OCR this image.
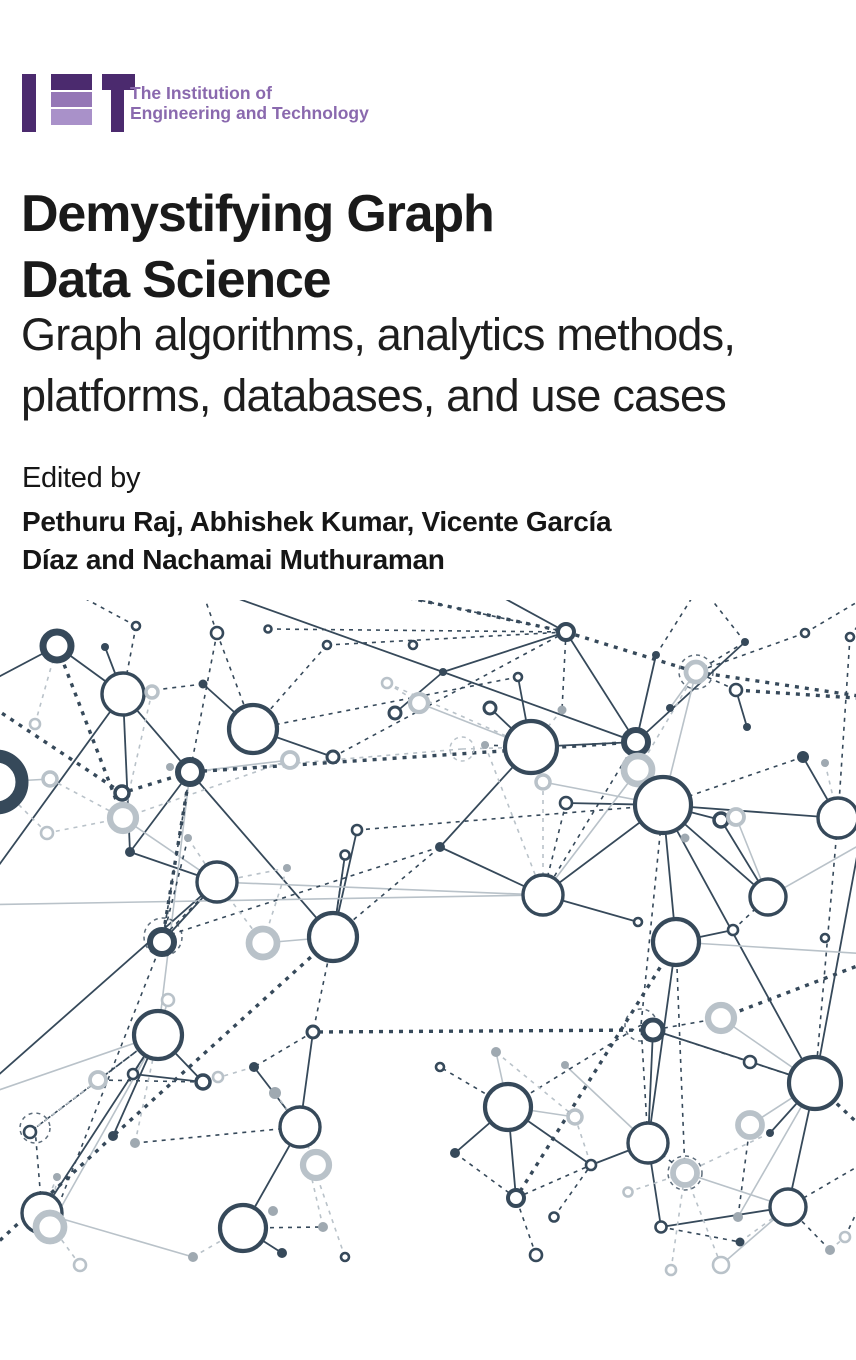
The Institution of
Engineering and Technology
Demystifying Graph
Data Science
Graph algorithms, analytics methods,
platforms, databases, and use cases
Edited by
Pethuru Raj, Abhishek Kumar, Vicente García
Díaz and Nachamai Muthuraman
